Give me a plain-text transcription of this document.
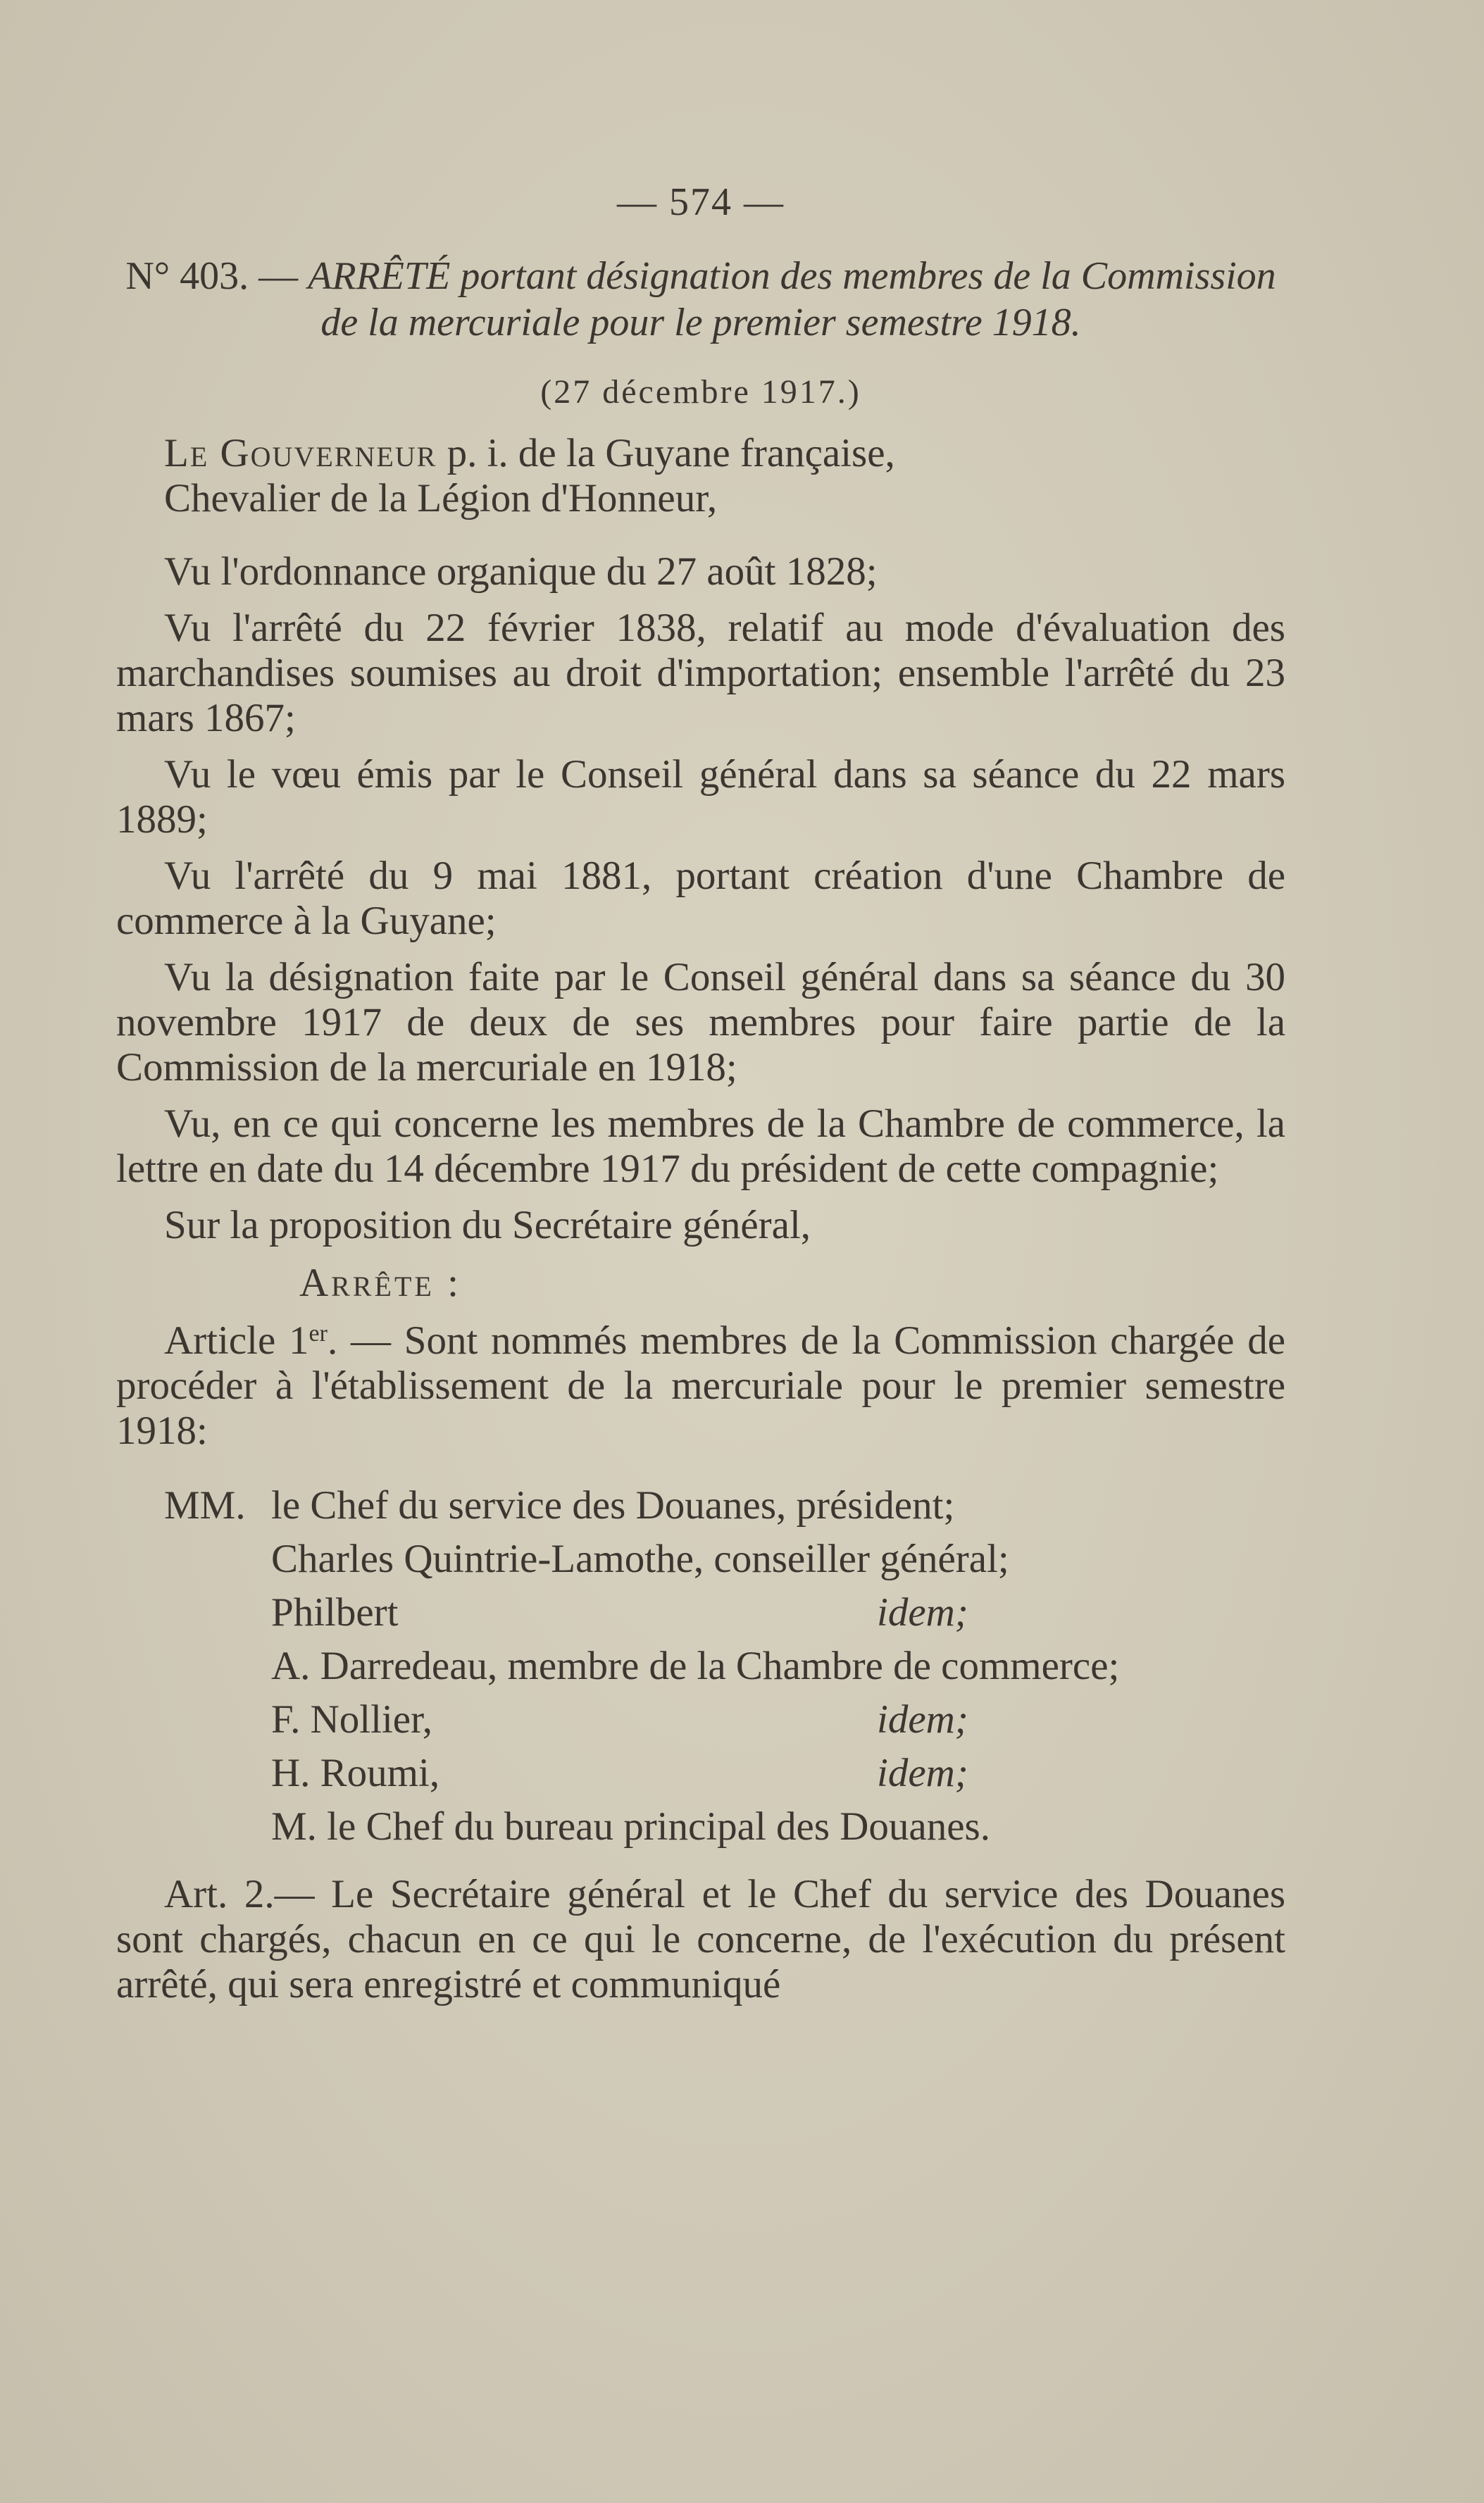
— 574 —
N° 403. — ARRÊTÉ portant désignation des membres de la Commission de la mercuriale pour le premier semestre 1918.
(27 décembre 1917.)

Le Gouverneur p. i. de la Guyane française,

Chevalier de la Légion d'Honneur,

Vu l'ordonnance organique du 27 août 1828;

Vu l'arrêté du 22 février 1838, relatif au mode d'évaluation des marchandises soumises au droit d'importation; ensemble l'arrêté du 23 mars 1867;

Vu le vœu émis par le Conseil général dans sa séance du 22 mars 1889;

Vu l'arrêté du 9 mai 1881, portant création d'une Chambre de commerce à la Guyane;

Vu la désignation faite par le Conseil général dans sa séance du 30 novembre 1917 de deux de ses membres pour faire partie de la Commission de la mercuriale en 1918;

Vu, en ce qui concerne les membres de la Chambre de commerce, la lettre en date du 14 décembre 1917 du président de cette compagnie;

Sur la proposition du Secrétaire général,

Arrête :

Article 1er. — Sont nommés membres de la Commission chargée de procéder à l'établissement de la mercuriale pour le premier semestre 1918:

MM. le Chef du service des Douanes, président;
Charles Quintrie-Lamothe, conseiller général;
Philbert	idem;
A. Darredeau, membre de la Chambre de commerce;
F. Nollier,	idem;
H. Roumi,	idem;
M. le Chef du bureau principal des Douanes.

Art. 2.— Le Secrétaire général et le Chef du service des Douanes sont chargés, chacun en ce qui le concerne, de l'exécution du présent arrêté, qui sera enregistré et communiqué
